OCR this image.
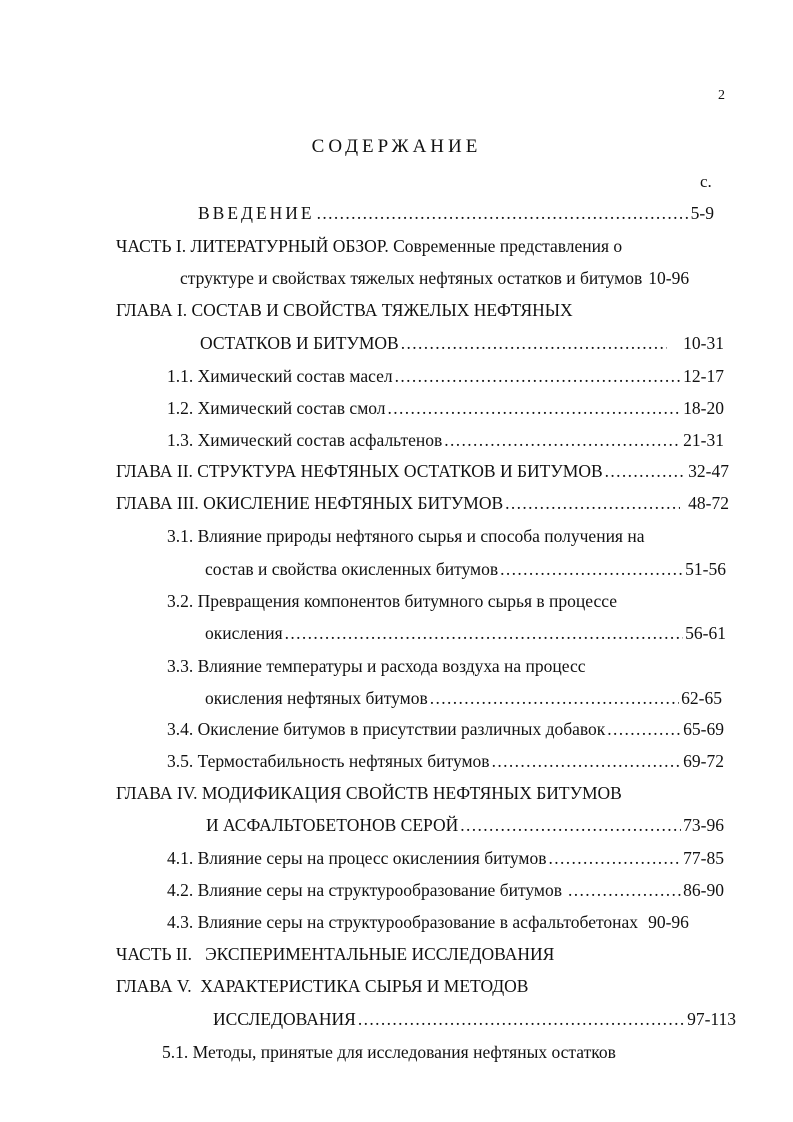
2
СОДЕРЖАНИЕ
с.
ВВЕДЕНИЕ . . .	5-9
ЧАСТЬ I. ЛИТЕРАТУРНЫЙ ОБЗОР. Современные представления о
структуре и свойствах тяжелых нефтяных остатков и битумов 10-96
ГЛАВА I. СОСТАВ И СВОЙСТВА ТЯЖЕЛЫХ НЕФТЯНЫХ
ОСТАТКОВ И БИТУМОВ . . .	10-31
1.1. Химический состав масел . . .	12-17
1.2. Химический состав смол . . .	18-20
1.3. Химический состав асфальтенов . . .	21-31
ГЛАВА II. СТРУКТУРА НЕФТЯНЫХ ОСТАТКОВ И БИТУМОВ . . .	32-47
ГЛАВА III. ОКИСЛЕНИЕ НЕФТЯНЫХ БИТУМОВ . . .	48-72
3.1. Влияние природы нефтяного сырья и способа получения на
состав и свойства окисленных битумов . . .	51-56
3.2. Превращения компонентов битумного сырья в процессе
окисления . . .	56-61
3.3. Влияние температуры и расхода воздуха на процесс
окисления нефтяных битумов . . .	62-65
3.4. Окисление битумов в присутствии различных добавок . . .	65-69
3.5. Термостабильность нефтяных битумов . . .	69-72
ГЛАВА IV. МОДИФИКАЦИЯ СВОЙСТВ НЕФТЯНЫХ БИТУМОВ
И АСФАЛЬТОБЕТОНОВ СЕРОЙ . . .	73-96
4.1. Влияние серы на процесс окислениия битумов . . .	77-85
4.2. Влияние серы на структурообразование битумов . . .	86-90
4.3. Влияние серы на структурообразование в асфальтобетонах 90-96
ЧАСТЬ II.   ЭКСПЕРИМЕНТАЛЬНЫЕ ИССЛЕДОВАНИЯ
ГЛАВА V.  ХАРАКТЕРИСТИКА СЫРЬЯ И МЕТОДОВ
ИССЛЕДОВАНИЯ . . .	97-113
5.1. Методы, принятые для исследования нефтяных остатков
